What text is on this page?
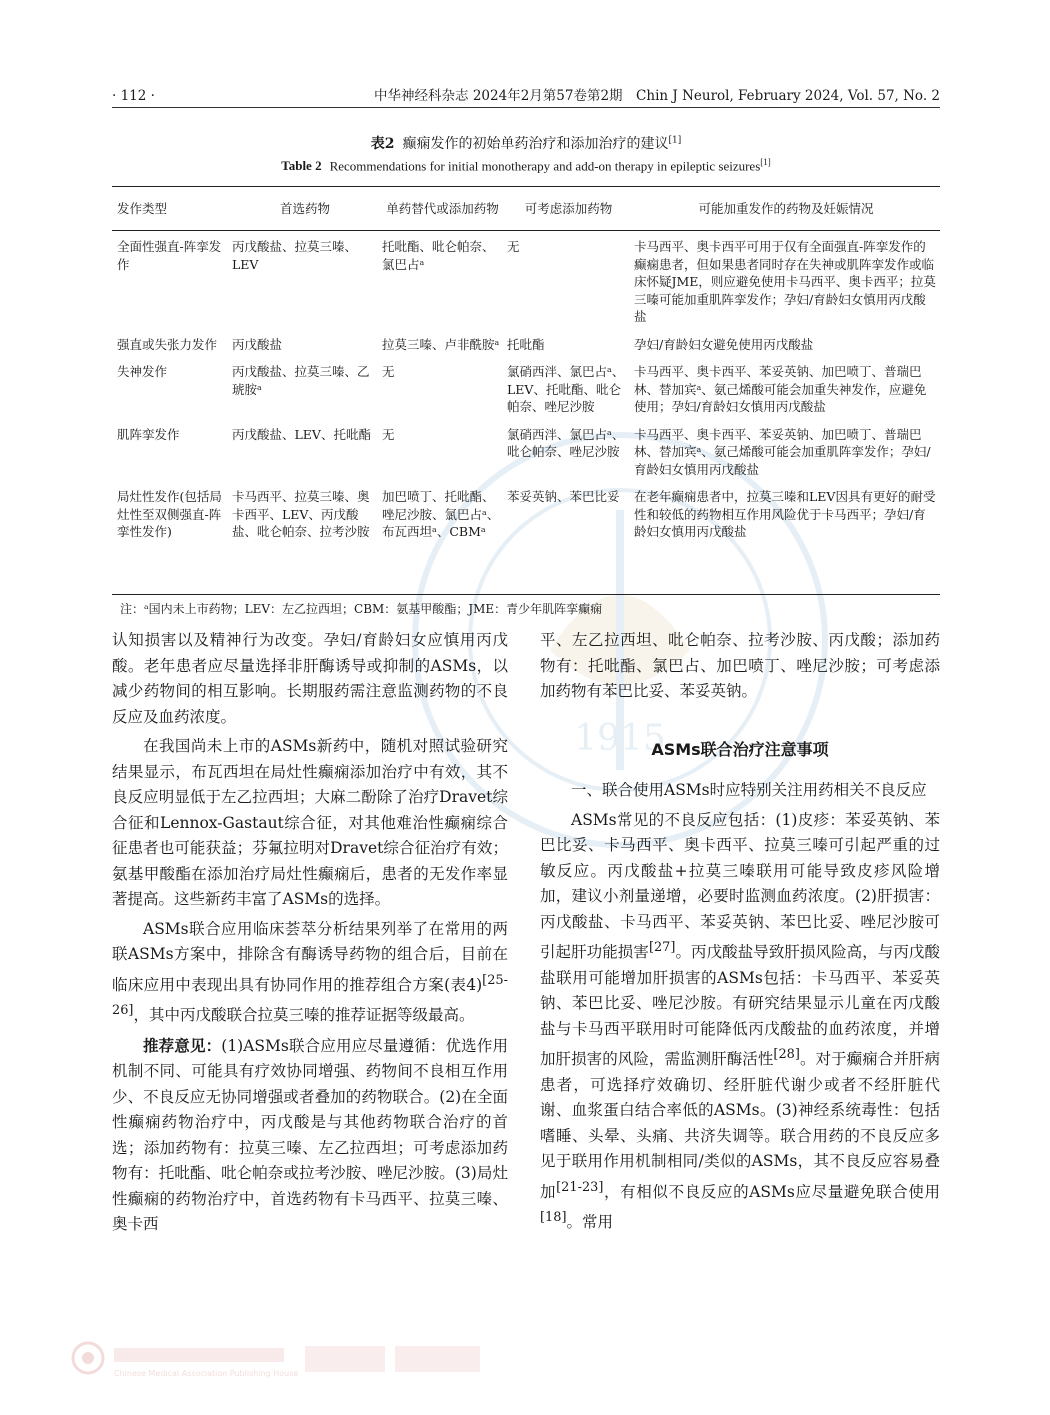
1915
Chinese Medical Association Publishing House
· 112 ·	中华神经科杂志 2024年2月第57卷第2期　Chin J Neurol, February 2024, Vol. 57, No. 2
表2 癫痫发作的初始单药治疗和添加治疗的建议[1]
Table 2 Recommendations for initial monotherapy and add-on therapy in epileptic seizures[1]
发作类型	首选药物	单药替代或添加药物	可考虑添加药物	可能加重发作的药物及妊娠情况
全面性强直-阵挛发作	丙戊酸盐、拉莫三嗪、LEV	托吡酯、吡仑帕奈、氯巴占ᵃ	无	卡马西平、奥卡西平可用于仅有全面强直-阵挛发作的癫痫患者，但如果患者同时存在失神或肌阵挛发作或临床怀疑JME，则应避免使用卡马西平、奥卡西平；拉莫三嗪可能加重肌阵挛发作；孕妇/育龄妇女慎用丙戊酸盐
强直或失张力发作	丙戊酸盐	拉莫三嗪、卢非酰胺ᵃ	托吡酯	孕妇/育龄妇女避免使用丙戊酸盐
失神发作	丙戊酸盐、拉莫三嗪、乙琥胺ᵃ	无	氯硝西泮、氯巴占ᵃ、LEV、托吡酯、吡仑帕奈、唑尼沙胺	卡马西平、奥卡西平、苯妥英钠、加巴喷丁、普瑞巴林、替加宾ᵃ、氨己烯酸可能会加重失神发作，应避免使用；孕妇/育龄妇女慎用丙戊酸盐
肌阵挛发作	丙戊酸盐、LEV、托吡酯	无	氯硝西泮、氯巴占ᵃ、吡仑帕奈、唑尼沙胺	卡马西平、奥卡西平、苯妥英钠、加巴喷丁、普瑞巴林、替加宾ᵃ、氨己烯酸可能会加重肌阵挛发作；孕妇/育龄妇女慎用丙戊酸盐
局灶性发作(包括局灶性至双侧强直-阵挛性发作)	卡马西平、拉莫三嗪、奥卡西平、LEV、丙戊酸盐、吡仑帕奈、拉考沙胺	加巴喷丁、托吡酯、唑尼沙胺、氯巴占ᵃ、布瓦西坦ᵃ、CBMᵃ	苯妥英钠、苯巴比妥	在老年癫痫患者中，拉莫三嗪和LEV因具有更好的耐受性和较低的药物相互作用风险优于卡马西平；孕妇/育龄妇女慎用丙戊酸盐
注：ᵃ国内未上市药物；LEV：左乙拉西坦；CBM：氨基甲酸酯；JME：青少年肌阵挛癫痫

认知损害以及精神行为改变。孕妇/育龄妇女应慎用丙戊酸。老年患者应尽量选择非肝酶诱导或抑制的ASMs，以减少药物间的相互影响。长期服药需注意监测药物的不良反应及血药浓度。

在我国尚未上市的ASMs新药中，随机对照试验研究结果显示，布瓦西坦在局灶性癫痫添加治疗中有效，其不良反应明显低于左乙拉西坦；大麻二酚除了治疗Dravet综合征和Lennox-Gastaut综合征，对其他难治性癫痫综合征患者也可能获益；芬氟拉明对Dravet综合征治疗有效；氨基甲酸酯在添加治疗局灶性癫痫后，患者的无发作率显著提高。这些新药丰富了ASMs的选择。

ASMs联合应用临床荟萃分析结果列举了在常用的两联ASMs方案中，排除含有酶诱导药物的组合后，目前在临床应用中表现出具有协同作用的推荐组合方案(表4)[25-26]，其中丙戊酸联合拉莫三嗪的推荐证据等级最高。

推荐意见：(1)ASMs联合应用应尽量遵循：优选作用机制不同、可能具有疗效协同增强、药物间不良相互作用少、不良反应无协同增强或者叠加的药物联合。(2)在全面性癫痫药物治疗中，丙戊酸是与其他药物联合治疗的首选；添加药物有：拉莫三嗪、左乙拉西坦；可考虑添加药物有：托吡酯、吡仑帕奈或拉考沙胺、唑尼沙胺。(3)局灶性癫痫的药物治疗中，首选药物有卡马西平、拉莫三嗪、奥卡西

平、左乙拉西坦、吡仑帕奈、拉考沙胺、丙戊酸；添加药物有：托吡酯、氯巴占、加巴喷丁、唑尼沙胺；可考虑添加药物有苯巴比妥、苯妥英钠。

ASMs联合治疗注意事项

一、联合使用ASMs时应特别关注用药相关不良反应

ASMs常见的不良反应包括：(1)皮疹：苯妥英钠、苯巴比妥、卡马西平、奥卡西平、拉莫三嗪可引起严重的过敏反应。丙戊酸盐+拉莫三嗪联用可能导致皮疹风险增加，建议小剂量递增，必要时监测血药浓度。(2)肝损害：丙戊酸盐、卡马西平、苯妥英钠、苯巴比妥、唑尼沙胺可引起肝功能损害[27]。丙戊酸盐导致肝损风险高，与丙戊酸盐联用可能增加肝损害的ASMs包括：卡马西平、苯妥英钠、苯巴比妥、唑尼沙胺。有研究结果显示儿童在丙戊酸盐与卡马西平联用时可能降低丙戊酸盐的血药浓度，并增加肝损害的风险，需监测肝酶活性[28]。对于癫痫合并肝病患者，可选择疗效确切、经肝脏代谢少或者不经肝脏代谢、血浆蛋白结合率低的ASMs。(3)神经系统毒性：包括嗜睡、头晕、头痛、共济失调等。联合用药的不良反应多见于联用作用机制相同/类似的ASMs，其不良反应容易叠加[21-23]，有相似不良反应的ASMs应尽量避免联合使用[18]。常用
